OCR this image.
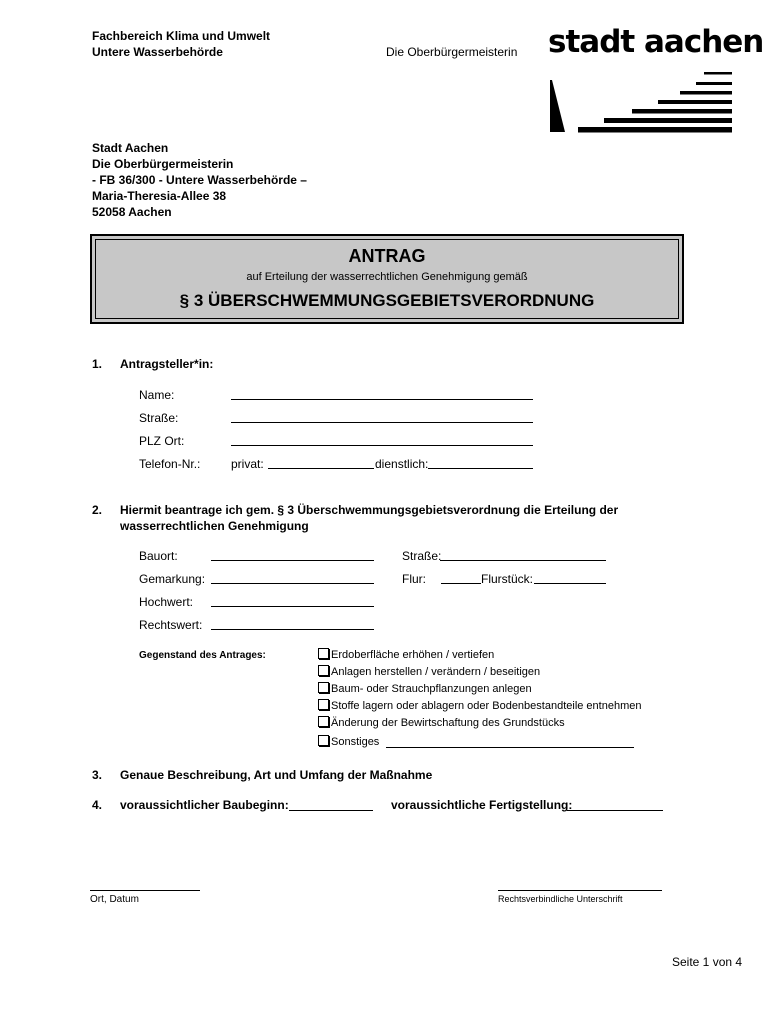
Fachbereich Klima und Umwelt
Untere Wasserbehörde	Die Oberbürgermeisterin stadt aachen
Stadt Aachen
Die Oberbürgermeisterin
- FB 36/300 - Untere Wasserbehörde –
Maria-Theresia-Allee 38
52058 Aachen
ANTRAG
auf Erteilung der wasserrechtlichen Genehmigung gemäß
§ 3 ÜBERSCHWEMMUNGSGEBIETSVERORDNUNG
1. Antragsteller*in:
Name:
Straße:
PLZ Ort:
Telefon-Nr.:	privat:	dienstlich:
2. Hiermit beantrage ich gem. § 3 Überschwemmungsgebietsverordnung die Erteilung der
wasserrechtlichen Genehmigung
Bauort:	Straße:
Gemarkung:	Flur:	Flurstück:
Hochwert:
Rechtswert:
Gegenstand des Antrages:	Erdoberfläche erhöhen / vertiefen
Anlagen herstellen / verändern / beseitigen
Baum- oder Strauchpflanzungen anlegen
Stoffe lagern oder ablagern oder Bodenbestandteile entnehmen
Änderung der Bewirtschaftung des Grundstücks
Sonstiges
3. Genaue Beschreibung, Art und Umfang der Maßnahme
4. voraussichtlicher Baubeginn:	voraussichtliche Fertigstellung:
Ort, Datum	Rechtsverbindliche Unterschrift
Seite 1 von 4
